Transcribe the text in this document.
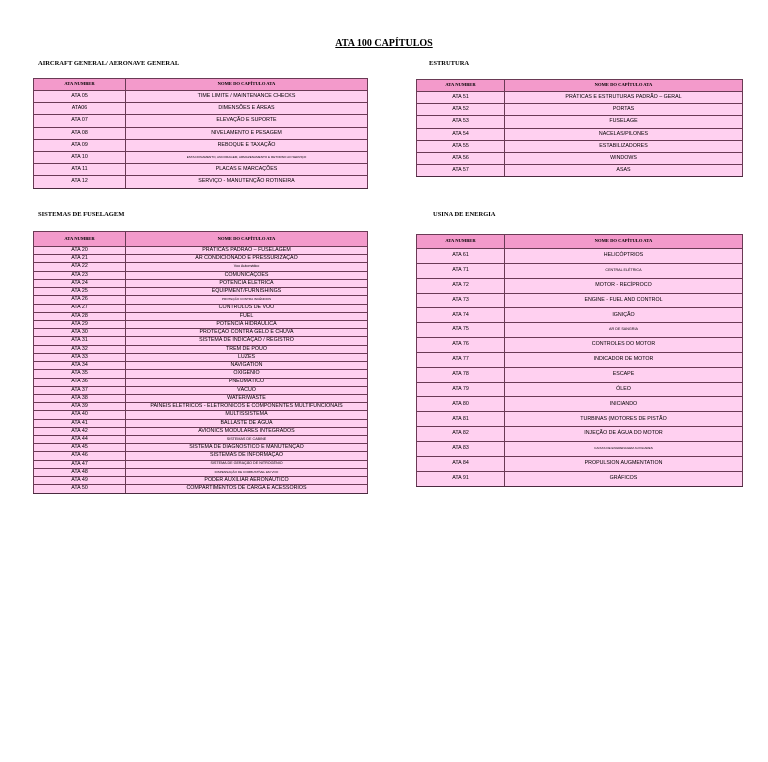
ATA 100 CAPÍTULOS
AIRCRAFT GENERAL/ AERONAVE GENERAL	ESTRUTURA
SISTEMAS DE FUSELAGEM	USINA DE ENERGIA
ATA NUMBER	NOME DO CAPÍTULO ATA
ATA 05	TIME LIMITE / MAINTENANCE CHECKS
ATA06	DIMENSÕES E ÁREAS
ATA 07	ELEVAÇÃO E SUPORTE
ATA 08	NIVELAMENTO E PESAGEM
ATA 09	REBOQUE E TAXAÇÃO
ATA 10	ESTACIONAMENTO, ANCORAGEM, ARMAZENAMENTO E RETORNO AO SERVIÇO
ATA 11	PLACAS E MARCAÇÕES
ATA 12	SERVIÇO - MANUTENÇÃO ROTINEIRA
ATA NUMBER	NOME DO CAPÍTULO ATA
ATA 51	PRÁTICAS E ESTRUTURAS PADRÃO – GERAL
ATA 52	PORTAS
ATA 53	FUSELAGE
ATA 54	NACELAS/PILONES
ATA 55	ESTABILIZADORES
ATA 56	WINDOWS
ATA 57	ASAS
ATA NUMBER	NOME DO CAPÍTULO ATA
ATA 20	PRÁTICAS PADRÃO – FUSELAGEM
ATA 21	AR CONDICIONADO E PRESSURIZAÇÃO
ATA 22	Voo Automático
ATA 23	COMUNICAÇÕES
ATA 24	POTÊNCIA ELÉTRICA
ATA 25	EQUIPMENT/FURNISHINGS
ATA 26	PROTEÇÃO CONTRA INCÊNDIOS
ATA 27	CONTROLOS DE VOO
ATA 28	FUEL
ATA 29	POTÊNCIA HIDRÁULICA
ATA 30	PROTEÇÃO CONTRA GELO E CHUVA
ATA 31	SISTEMA DE INDICAÇÃO / REGISTRO
ATA 32	TREM DE POUO
ATA 33	LUZES
ATA 34	NAVIGATION
ATA 35	OXIGÊNIO
ATA 36	PNEUMÁTICO
ATA 37	VÁCUO
ATA 38	WATER/WASTE
ATA 39	PAINÉIS ELÉTRICOS - ELETRÔNICOS E COMPONENTES MULTIFUNCIONAIS
ATA 40	MULTISSISTEMA
ATA 41	BALLASTE DE ÁGUA
ATA 42	AVIONICS MODULARES INTEGRADOS
ATA 44	SISTEMAS DE CABINE
ATA 45	SISTEMA DE DIAGNÓSTICO E MANUTENÇÃO
ATA 46	SISTEMAS DE INFORMAÇÃO
ATA 47	SISTEMA DE GERAÇÃO DE NITROGÊNIO
ATA 48	DISPENSAÇÃO DE COMBUSTÍVEL EM VOO
ATA 49	PODER AUXILIAR AERONÁUTICO
ATA 50	COMPARTIMENTOS DE CARGA E ACESSÓRIOS
ATA NUMBER	NOME DO CAPÍTULO ATA
ATA 61	HELICÓPTRIOS
ATA 71	CENTRAL ELÉTRICA
ATA 72	MOTOR - RECÍPROCO
ATA 73	ENGINE - FUEL AND CONTROL
ATA 74	IGNIÇÃO
ATA 75	AR DE SANGRIA
ATA 76	CONTROLES DO MOTOR
ATA 77	INDICADOR DE MOTOR
ATA 78	ESCAPE
ATA 79	ÓLEO
ATA 80	INICIANDO
ATA 81	TURBINAS (MOTORES DE PISTÃO
ATA 82	INJEÇÃO DE ÁGUA DO MOTOR
ATA 83	CAIXAS DE ENGRENAGEM AUXILIARES
ATA 84	PROPULSION AUGMENTATION
ATA 91	GRÁFICOS
